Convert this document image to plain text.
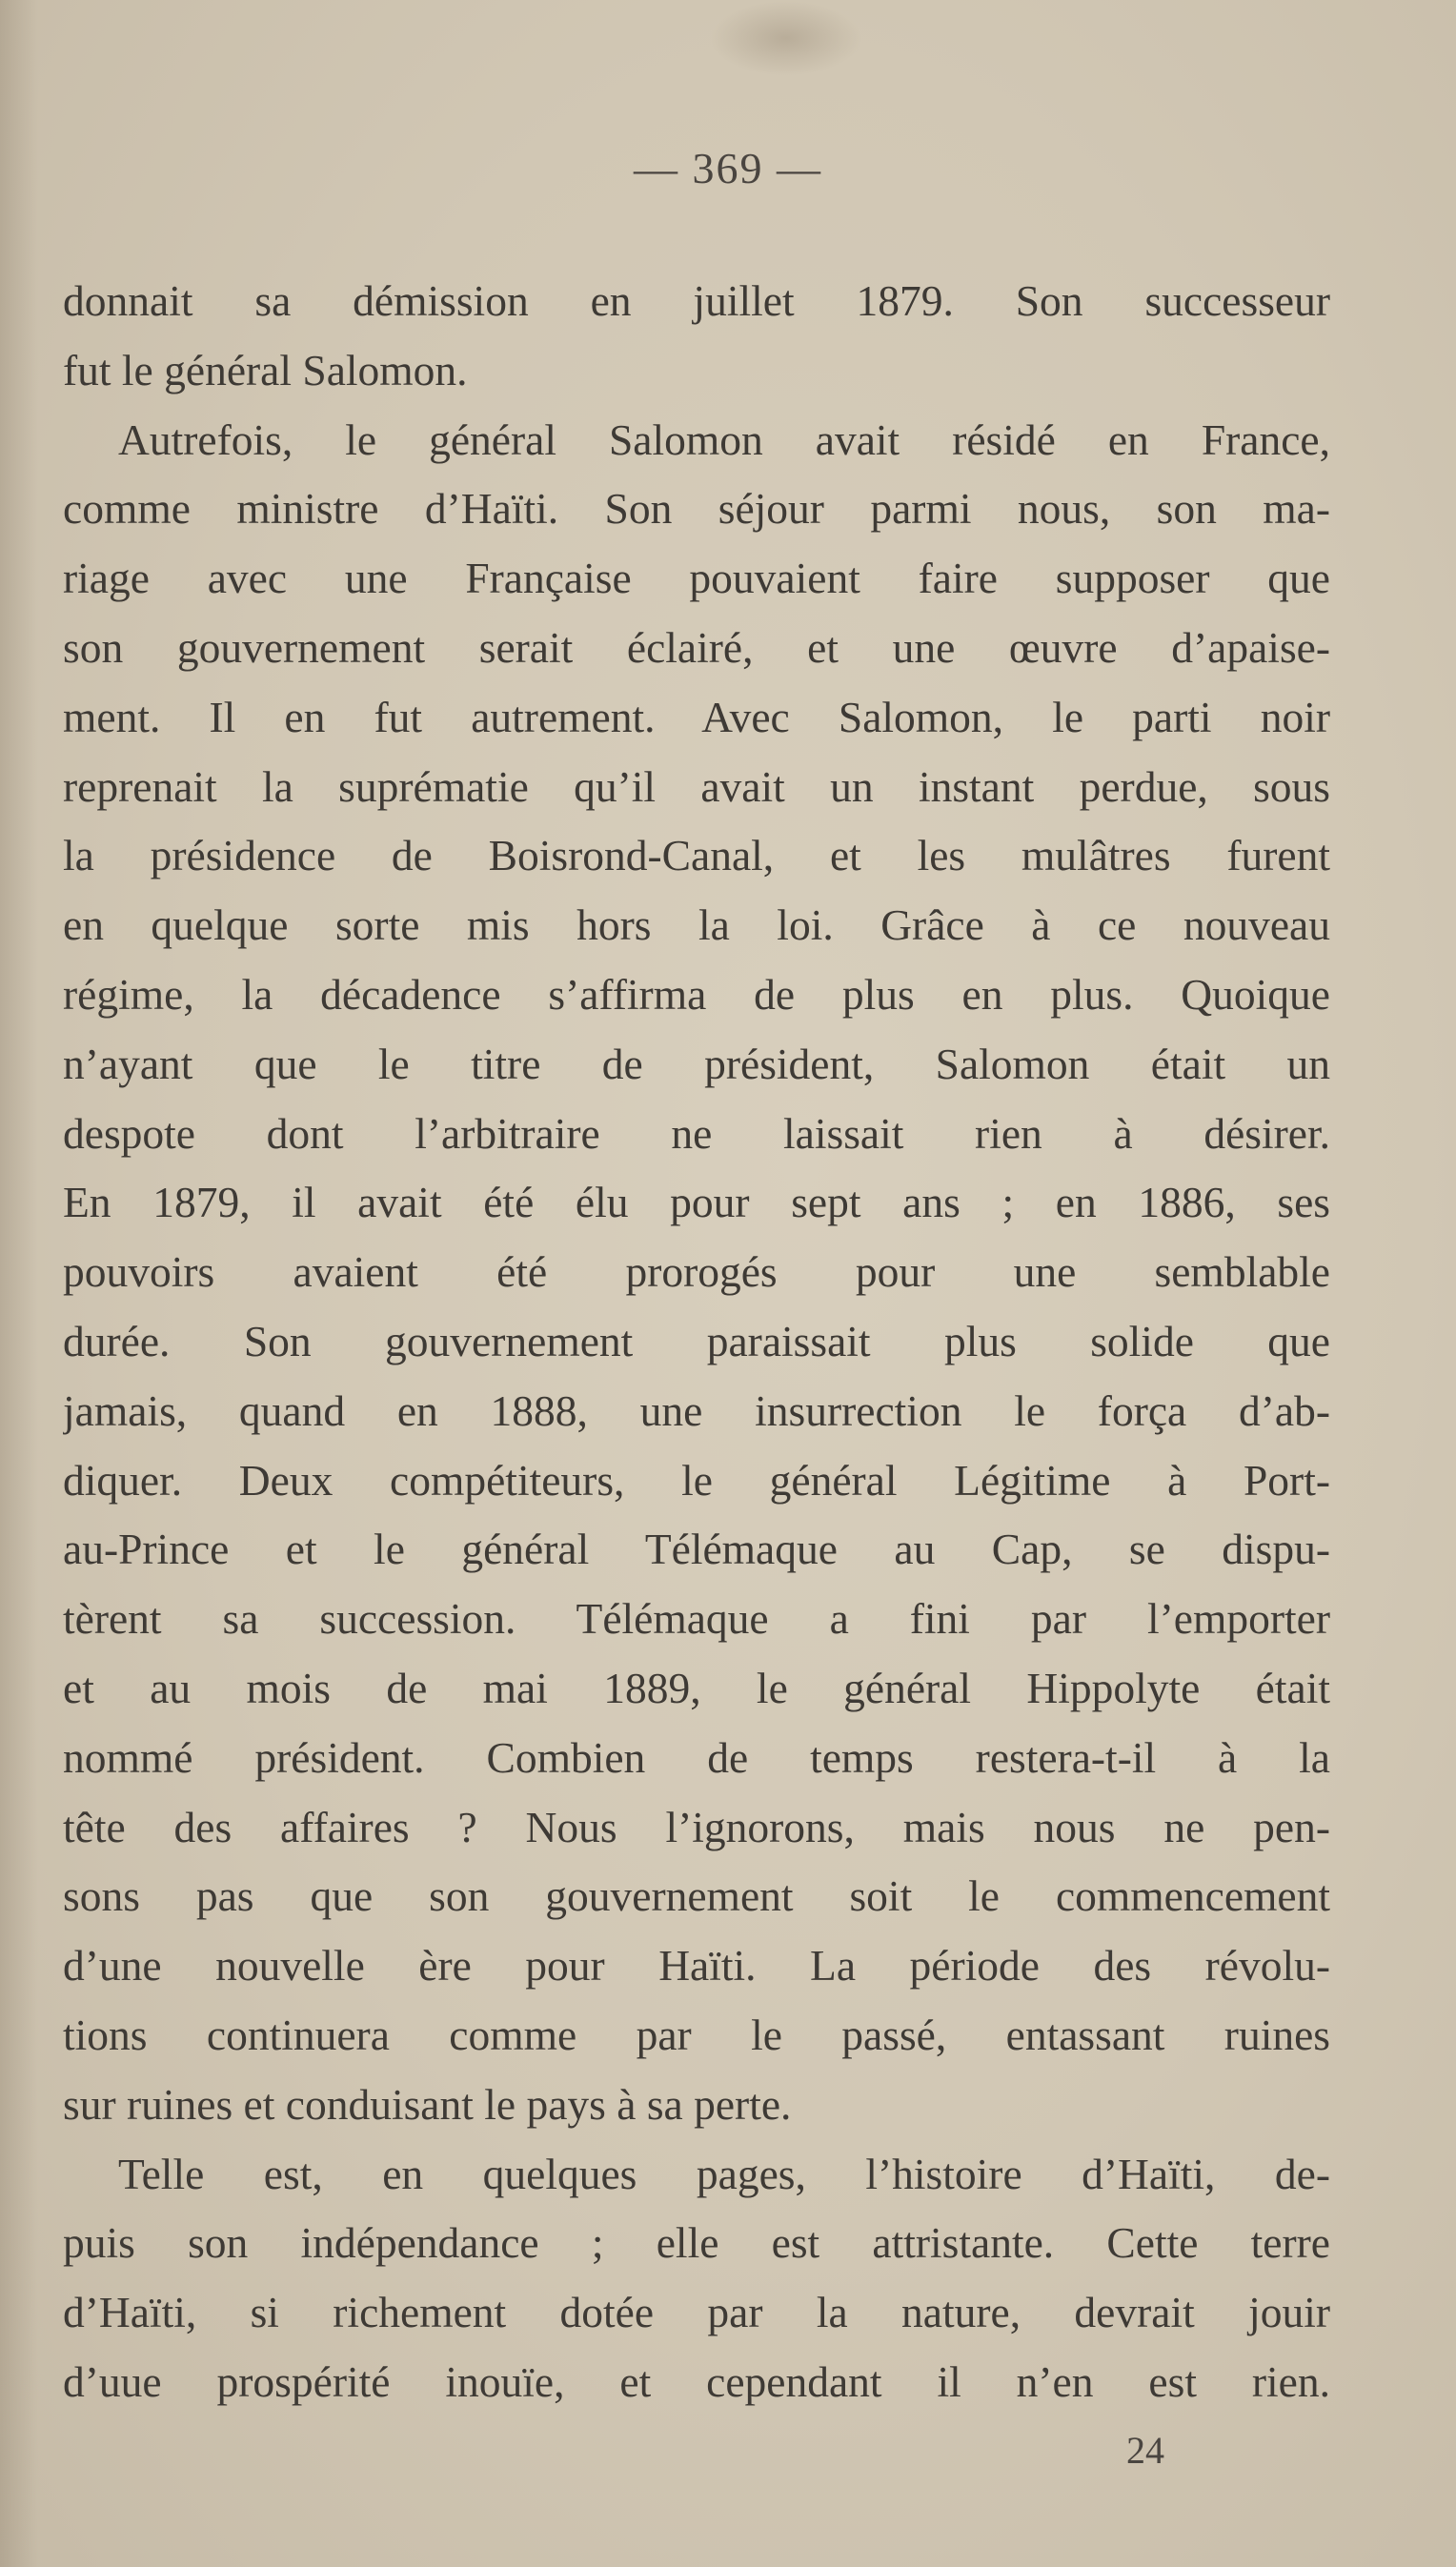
— 369 —

donnait sa démission en juillet 1879. Son successeur

fut le général Salomon.

Autrefois, le général Salomon avait résidé en France,

comme ministre d’Haïti. Son séjour parmi nous, son ma-

riage avec une Française pouvaient faire supposer que

son gouvernement serait éclairé, et une œuvre d’apaise-

ment. Il en fut autrement. Avec Salomon, le parti noir

reprenait la suprématie qu’il avait un instant perdue, sous

la présidence de Boisrond-Canal, et les mulâtres furent

en quelque sorte mis hors la loi. Grâce à ce nouveau

régime, la décadence s’affirma de plus en plus. Quoique

n’ayant que le titre de président, Salomon était un

despote dont l’arbitraire ne laissait rien à désirer.

En 1879, il avait été élu pour sept ans ; en 1886, ses

pouvoirs avaient été prorogés pour une semblable

durée. Son gouvernement paraissait plus solide que

jamais, quand en 1888, une insurrection le força d’ab-

diquer. Deux compétiteurs, le général Légitime à Port-

au-Prince et le général Télémaque au Cap, se dispu-

tèrent sa succession. Télémaque a fini par l’emporter

et au mois de mai 1889, le général Hippolyte était

nommé président. Combien de temps restera-t-il à la

tête des affaires ? Nous l’ignorons, mais nous ne pen-

sons pas que son gouvernement soit le commencement

d’une nouvelle ère pour Haïti. La période des révolu-

tions continuera comme par le passé, entassant ruines

sur ruines et conduisant le pays à sa perte.

Telle est, en quelques pages, l’histoire d’Haïti, de-

puis son indépendance ; elle est attristante. Cette terre

d’Haïti, si richement dotée par la nature, devrait jouir

d’uue prospérité inouïe, et cependant il n’en est rien.

24
